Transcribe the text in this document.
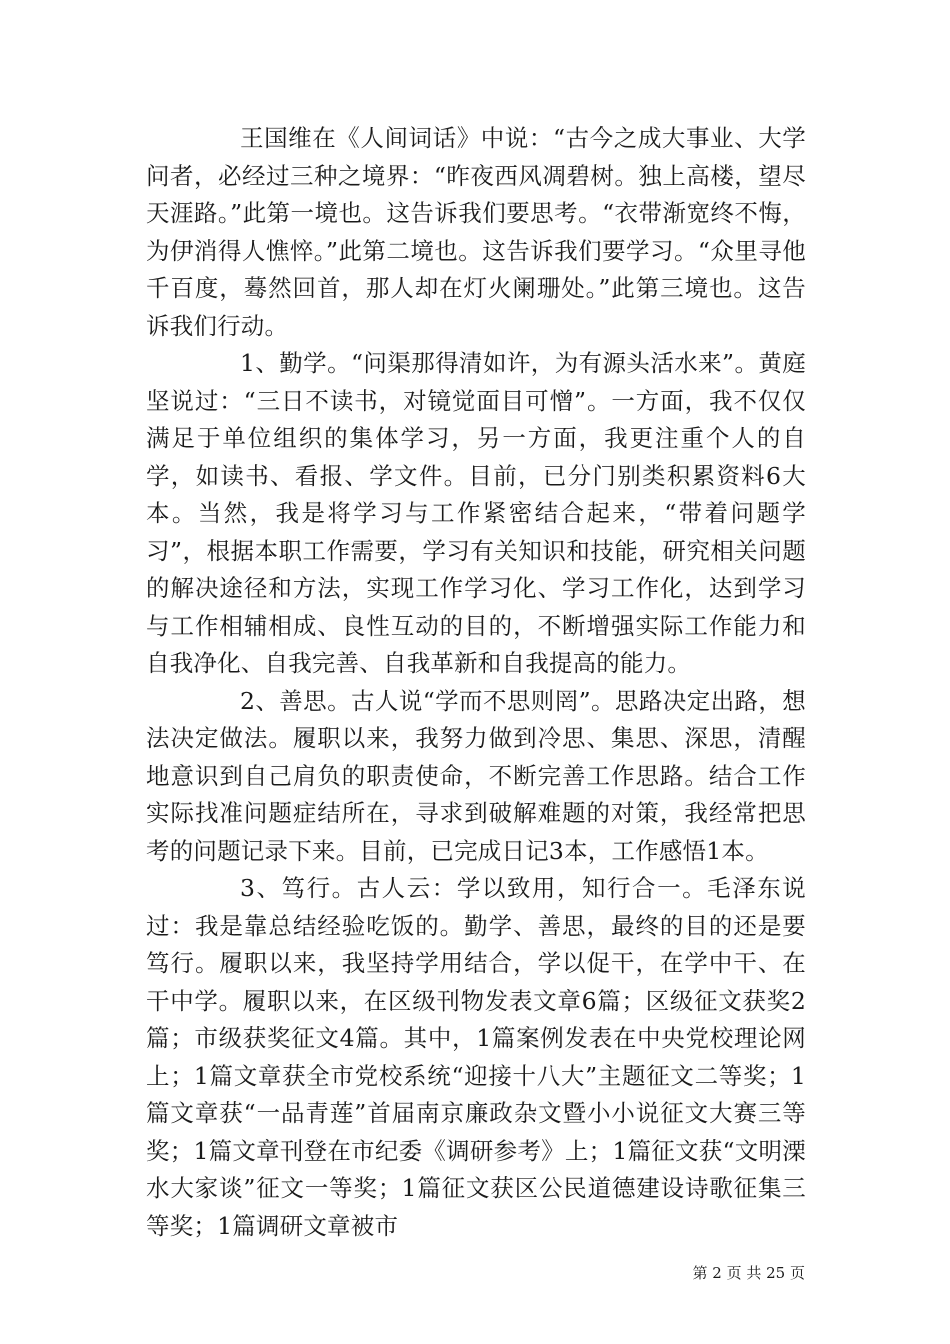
王国维在《人间词话》中说：“古今之成大事业、大学问者，必经过三种之境界：“昨夜西风凋碧树。独上高楼，望尽天涯路。”此第一境也。这告诉我们要思考。“衣带渐宽终不悔，为伊消得人憔悴。”此第二境也。这告诉我们要学习。“众里寻他千百度，蓦然回首，那人却在灯火阑珊处。”此第三境也。这告诉我们行动。

1、勤学。“问渠那得清如许，为有源头活水来”。黄庭坚说过：“三日不读书，对镜觉面目可憎”。一方面，我不仅仅满足于单位组织的集体学习，另一方面，我更注重个人的自学，如读书、看报、学文件。目前，已分门别类积累资料6大本。当然，我是将学习与工作紧密结合起来，“带着问题学习”，根据本职工作需要，学习有关知识和技能，研究相关问题的解决途径和方法，实现工作学习化、学习工作化，达到学习与工作相辅相成、良性互动的目的，不断增强实际工作能力和自我净化、自我完善、自我革新和自我提高的能力。

2、善思。古人说“学而不思则罔”。思路决定出路，想法决定做法。履职以来，我努力做到冷思、集思、深思，清醒地意识到自己肩负的职责使命，不断完善工作思路。结合工作实际找准问题症结所在，寻求到破解难题的对策，我经常把思考的问题记录下来。目前，已完成日记3本，工作感悟1本。

3、笃行。古人云：学以致用，知行合一。毛泽东说过：我是靠总结经验吃饭的。勤学、善思，最终的目的还是要笃行。履职以来，我坚持学用结合，学以促干，在学中干、在干中学。履职以来，在区级刊物发表文章6篇；区级征文获奖2篇；市级获奖征文4篇。其中，1篇案例发表在中央党校理论网上；1篇文章获全市党校系统“迎接十八大”主题征文二等奖；1篇文章获“一品青莲”首届南京廉政杂文暨小小说征文大赛三等奖；1篇文章刊登在市纪委《调研参考》上；1篇征文获“文明溧水大家谈”征文一等奖；1篇征文获区公民道德建设诗歌征集三等奖；1篇调研文章被市

第 2 页 共 25 页
